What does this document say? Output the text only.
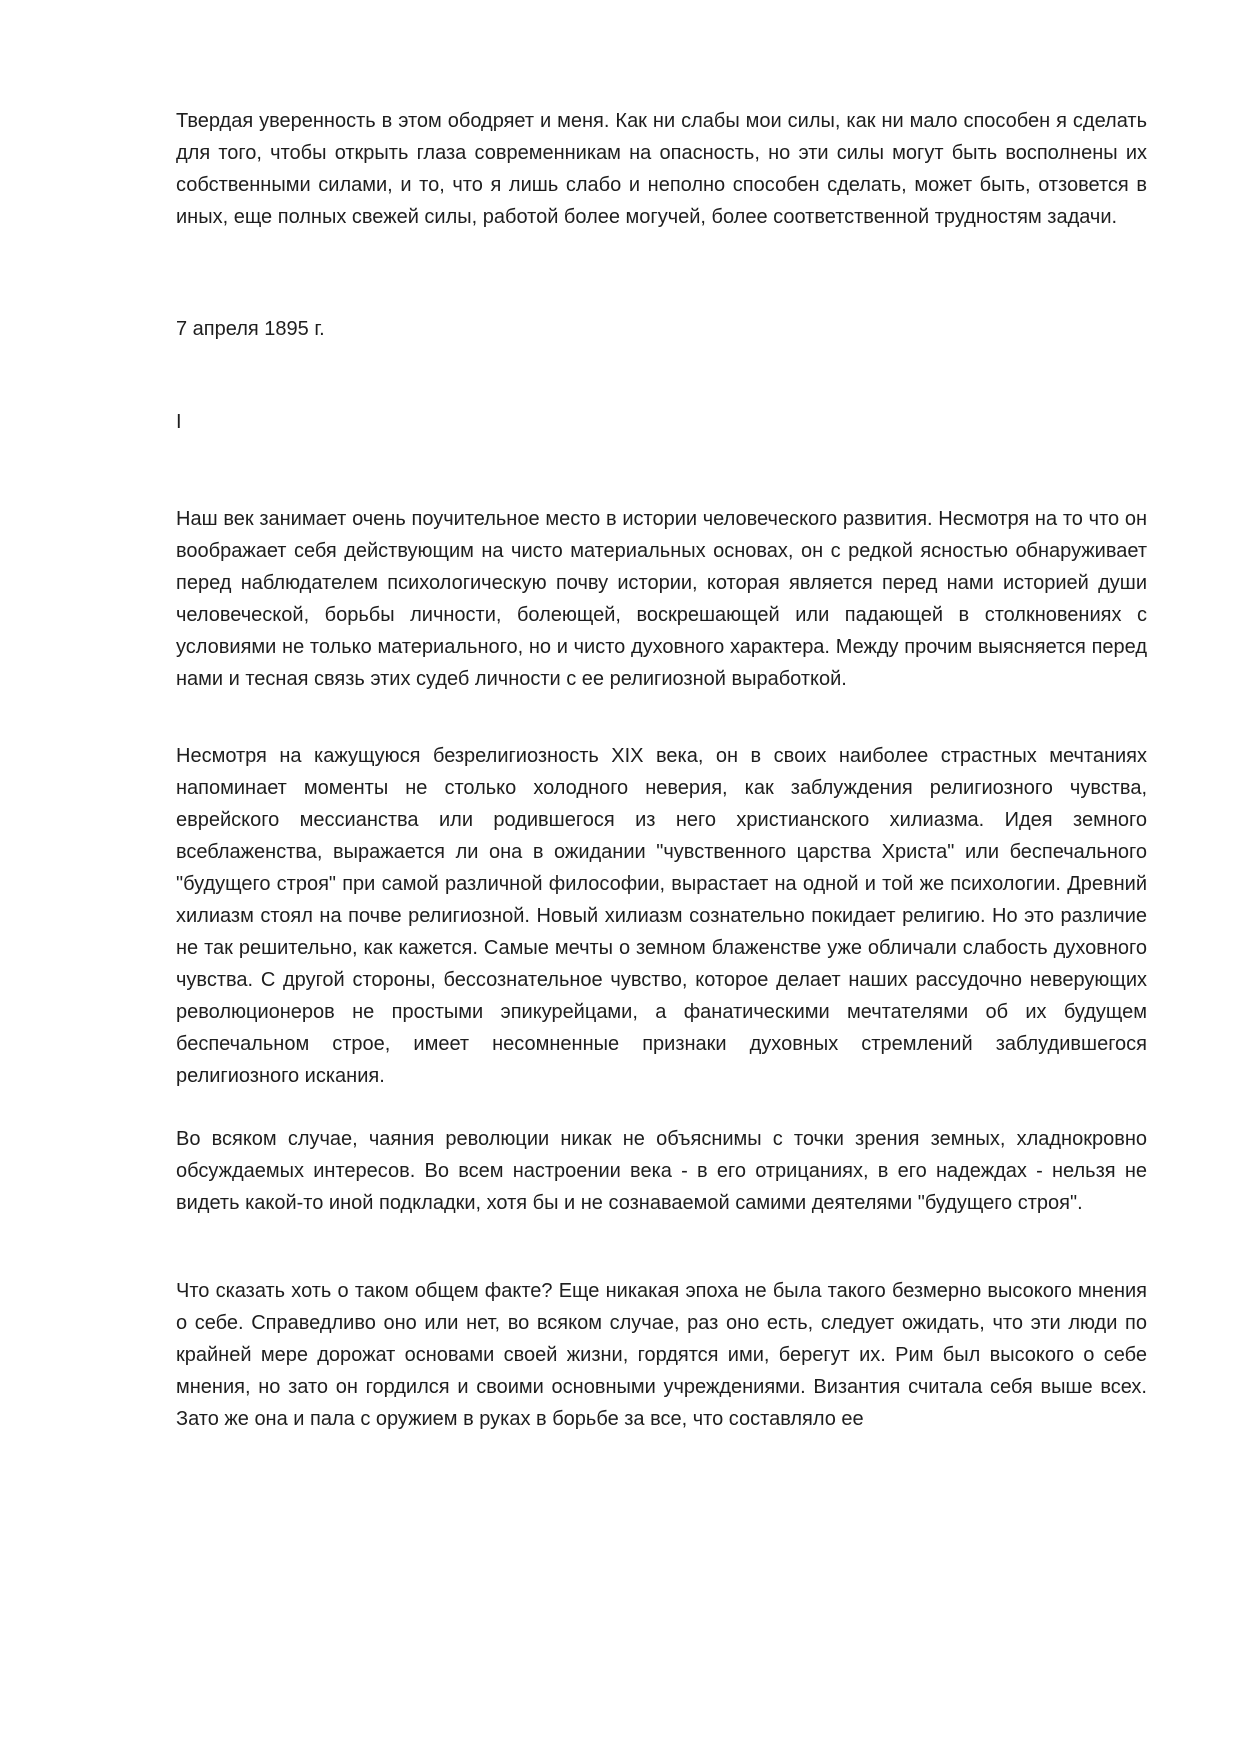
Твердая уверенность в этом ободряет и меня. Как ни слабы мои силы, как ни мало способен я сделать для того, чтобы открыть глаза современникам на опасность, но эти силы могут быть восполнены их собственными силами, и то, что я лишь слабо и неполно способен сделать, может быть, отзовется в иных, еще полных свежей силы, работой более могучей, более соответственной трудностям задачи.

7 апреля 1895 г.

I

Наш век занимает очень поучительное место в истории человеческого развития. Несмотря на то что он воображает себя действующим на чисто материальных основах, он с редкой ясностью обнаруживает перед наблюдателем психологическую почву истории, которая является перед нами историей души человеческой, борьбы личности, болеющей, воскрешающей или падающей в столкновениях с условиями не только материального, но и чисто духовного характера. Между прочим выясняется перед нами и тесная связь этих судеб личности с ее религиозной выработкой.

Несмотря на кажущуюся безрелигиозность XIX века, он в своих наиболее страстных мечтаниях напоминает моменты не столько холодного неверия, как заблуждения религиозного чувства, еврейского мессианства или родившегося из него христианского хилиазма. Идея земного всеблаженства, выражается ли она в ожидании "чувственного царства Христа" или беспечального "будущего строя" при самой различной философии, вырастает на одной и той же психологии. Древний хилиазм стоял на почве религиозной. Новый хилиазм сознательно покидает религию. Но это различие не так решительно, как кажется. Самые мечты о земном блаженстве уже обличали слабость духовного чувства. С другой стороны, бессознательное чувство, которое делает наших рассудочно неверующих революционеров не простыми эпикурейцами, а фанатическими мечтателями об их будущем беспечальном строе, имеет несомненные признаки духовных стремлений заблудившегося религиозного искания.

Во всяком случае, чаяния революции никак не объяснимы с точки зрения земных, хладнокровно обсуждаемых интересов. Во всем настроении века - в его отрицаниях, в его надеждах - нельзя не видеть какой-то иной подкладки, хотя бы и не сознаваемой самими деятелями "будущего строя".

Что сказать хоть о таком общем факте? Еще никакая эпоха не была такого безмерно высокого мнения о себе. Справедливо оно или нет, во всяком случае, раз оно есть, следует ожидать, что эти люди по крайней мере дорожат основами своей жизни, гордятся ими, берегут их. Рим был высокого о себе мнения, но зато он гордился и своими основными учреждениями. Византия считала себя выше всех. Зато же она и пала с оружием в руках в борьбе за все, что составляло ее
